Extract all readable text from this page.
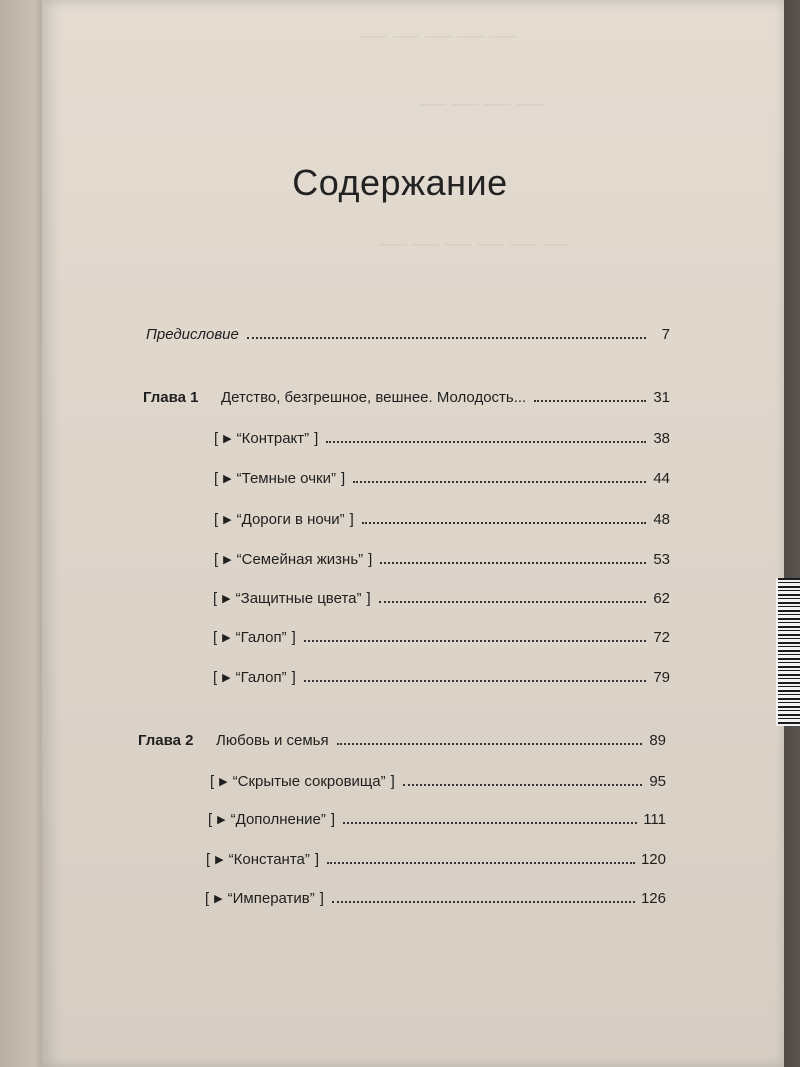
— — — — —
— — — —
— — — — — —
Содержание
Предисловие	7
Глава 1	Детство, безгрешное, вешнее. Молодость...	31
[ ▶ “Контракт” ]	38
[ ▶ “Темные очки” ]	44
[ ▶ “Дороги в ночи” ]	48
[ ▶ “Семейная жизнь” ]	53
[ ▶ “Защитные цвета” ]	62
[ ▶ “Галоп” ]	72
[ ▶ “Галоп” ]	79
Глава 2	Любовь и семья	89
[ ▶ “Скрытые сокровища” ]	95
[ ▶ “Дополнение” ]	111
[ ▶ “Константа” ]	120
[ ▶ “Императив” ]	126
